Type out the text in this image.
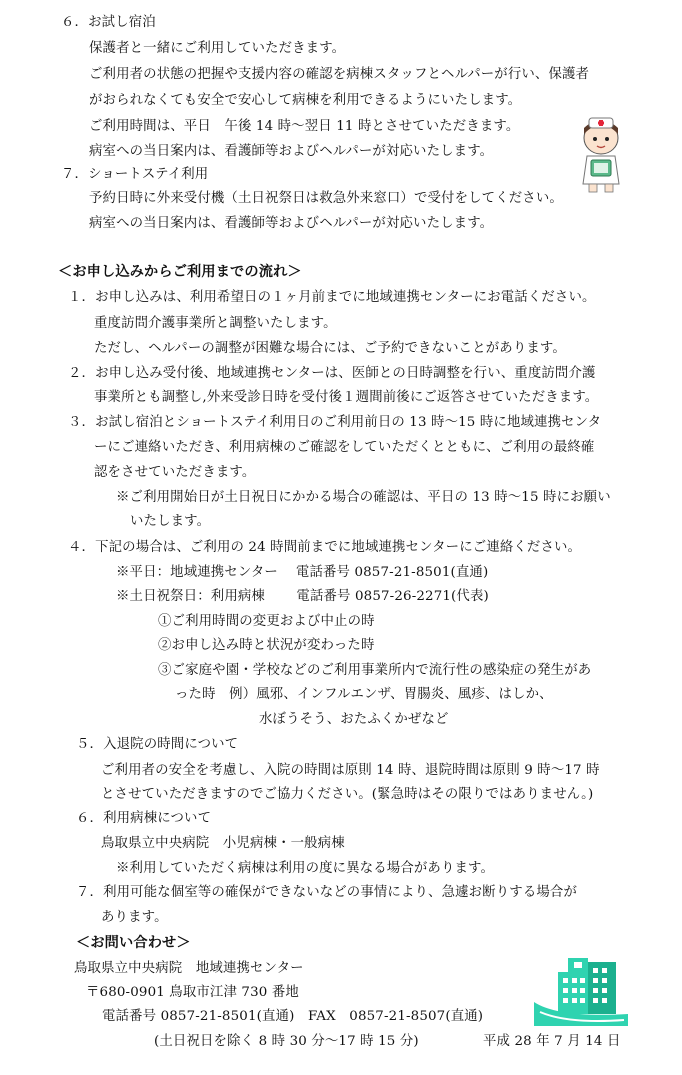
６．お試し宿泊
保護者と一緒にご利用していただきます。
ご利用者の状態の把握や支援内容の確認を病棟スタッフとヘルパーが行い、保護者
がおられなくても安全で安心して病棟を利用できるようにいたします。
ご利用時間は、平日　午後 14 時～翌日 11 時とさせていただきます。
病室への当日案内は、看護師等およびヘルパーが対応いたします。
７．ショートステイ利用
予約日時に外来受付機（土日祝祭日は救急外来窓口）で受付をしてください。
病室への当日案内は、看護師等およびヘルパーが対応いたします。
＜お申し込みからご利用までの流れ＞
１．お申し込みは、利用希望日の１ヶ月前までに地域連携センターにお電話ください。
重度訪問介護事業所と調整いたします。
ただし、ヘルパーの調整が困難な場合には、ご予約できないことがあります。
２．お申し込み受付後、地域連携センターは、医師との日時調整を行い、重度訪問介護
事業所とも調整し,外来受診日時を受付後１週間前後にご返答させていただきます。
３．お試し宿泊とショートステイ利用日のご利用前日の 13 時～15 時に地域連携センタ
ーにご連絡いただき、利用病棟のご確認をしていただくとともに、ご利用の最終確
認をさせていただきます。
※ご利用開始日が土日祝日にかかる場合の確認は、平日の 13 時～15 時にお願い
いたします。
４．下記の場合は、ご利用の 24 時間前までに地域連携センターにご連絡ください。
※平日：地域連携センター　 電話番号 0857-21-8501(直通)
※土日祝祭日：利用病棟　　 電話番号 0857-26-2271(代表)
①ご利用時間の変更および中止の時
②お申し込み時と状況が変わった時
③ご家庭や園・学校などのご利用事業所内で流行性の感染症の発生があ
った時　例）風邪、インフルエンザ、胃腸炎、風疹、はしか、
水ぼうそう、おたふくかぜなど
５．入退院の時間について
ご利用者の安全を考慮し、入院の時間は原則 14 時、退院時間は原則 9 時～17 時
とさせていただきますのでご協力ください。(緊急時はその限りではありません。)
６．利用病棟について
鳥取県立中央病院　小児病棟・一般病棟
※利用していただく病棟は利用の度に異なる場合があります。
７．利用可能な個室等の確保ができないなどの事情により、急遽お断りする場合が
あります。
＜お問い合わせ＞
鳥取県立中央病院　地域連携センター
〒680-0901 鳥取市江津 730 番地
電話番号 0857-21-8501(直通)　FAX　0857-21-8507(直通)
(土日祝日を除く 8 時 30 分～17 時 15 分)	平成 28 年 7 月 14 日
